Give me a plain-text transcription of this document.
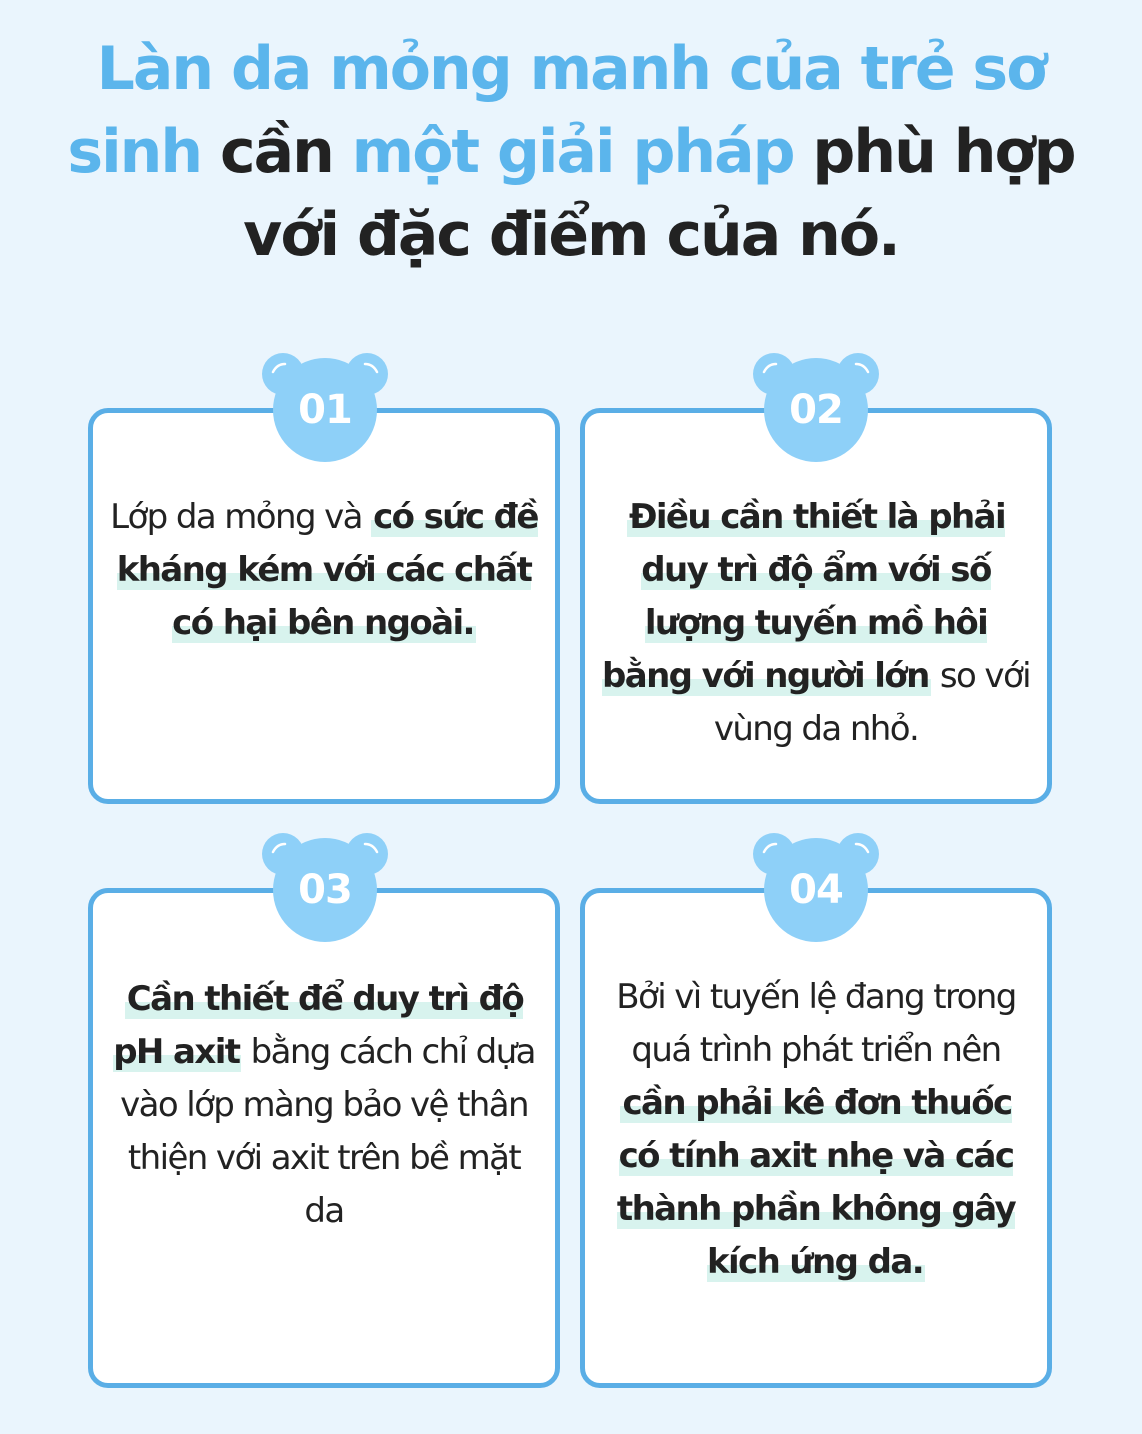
Làn da mỏng manh của trẻ sơ
sinh cần một giải pháp phù hợp
với đặc điểm của nó.
Lớp da mỏng và có sức đề kháng kém với các chất có hại bên ngoài.
Điều cần thiết là phải duy trì độ ẩm với số lượng tuyến mồ hôi bằng với người lớn so với vùng da nhỏ.
Cần thiết để duy trì độ pH axit bằng cách chỉ dựa vào lớp màng bảo vệ thân thiện với axit trên bề mặt da
Bởi vì tuyến lệ đang trong quá trình phát triển nên cần phải kê đơn thuốc có tính axit nhẹ và các thành phần không gây kích ứng da.
01	02
03	04
